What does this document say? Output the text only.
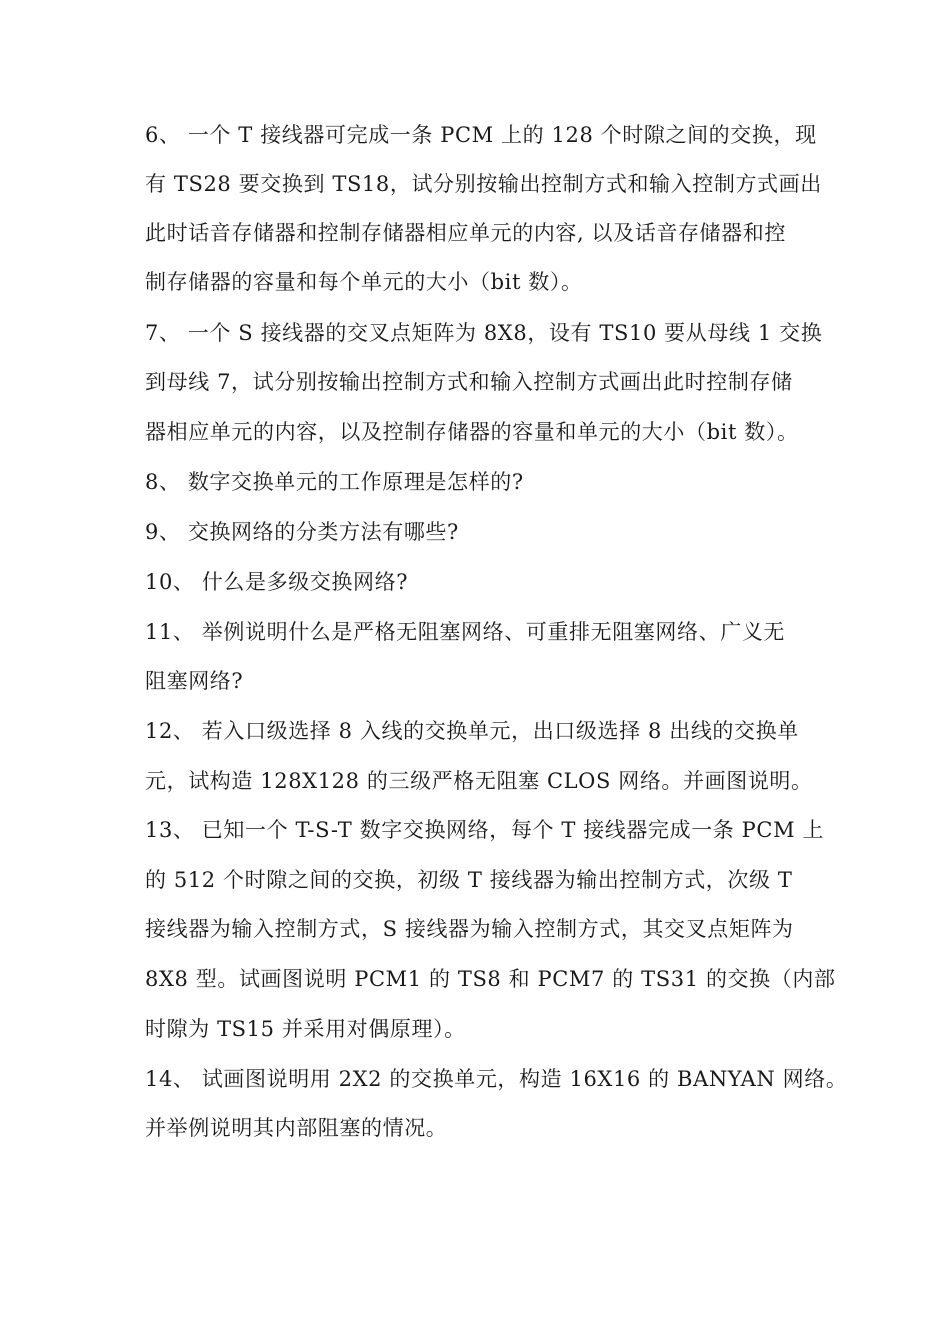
6、 一个 T 接线器可完成一条 PCM 上的 128 个时隙之间的交换，现
有 TS28 要交换到 TS18，试分别按输出控制方式和输入控制方式画出
此时话音存储器和控制存储器相应单元的内容, 以及话音存储器和控
制存储器的容量和每个单元的大小（bit 数）。
7、 一个 S 接线器的交叉点矩阵为 8X8，设有 TS10 要从母线 1 交换
到母线 7，试分别按输出控制方式和输入控制方式画出此时控制存储
器相应单元的内容，以及控制存储器的容量和单元的大小（bit 数）。
8、 数字交换单元的工作原理是怎样的?
9、 交换网络的分类方法有哪些?
10、 什么是多级交换网络?
11、 举例说明什么是严格无阻塞网络、可重排无阻塞网络、广义无
阻塞网络?
12、 若入口级选择 8 入线的交换单元，出口级选择 8 出线的交换单
元，试构造 128X128 的三级严格无阻塞 CLOS 网络。并画图说明。
13、 已知一个 T-S-T 数字交换网络，每个 T 接线器完成一条 PCM 上
的 512 个时隙之间的交换，初级 T 接线器为输出控制方式，次级 T
接线器为输入控制方式，S 接线器为输入控制方式，其交叉点矩阵为
8X8 型。试画图说明 PCM1 的 TS8 和 PCM7 的 TS31 的交换（内部
时隙为 TS15 并采用对偶原理）。
14、 试画图说明用 2X2 的交换单元，构造 16X16 的 BANYAN 网络。
并举例说明其内部阻塞的情况。
